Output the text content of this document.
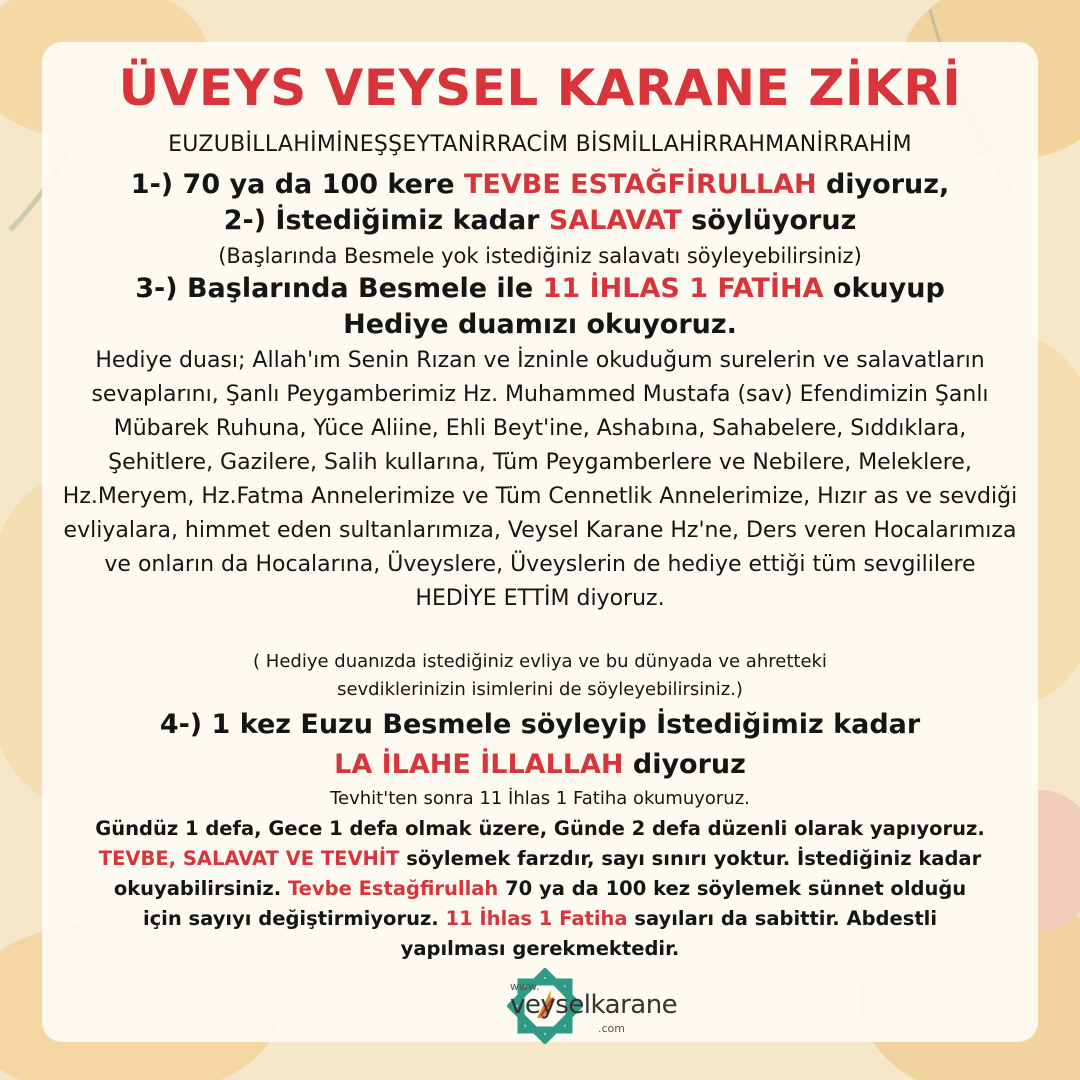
ÜVEYS VEYSEL KARANE ZİKRİ
EUZUBİLLAHİMİNEŞŞEYTANİRRACİM BİSMİLLAHİRRAHMANİRRAHİM
1-) 70 ya da 100 kere TEVBE ESTAĞFİRULLAH diyoruz,
2-) İstediğimiz kadar SALAVAT söylüyoruz
(Başlarında Besmele yok istediğiniz salavatı söyleyebilirsiniz)
3-) Başlarında Besmele ile 11 İHLAS 1 FATİHA okuyup
Hediye duamızı okuyoruz.

Hediye duası; Allah'ım Senin Rızan ve İzninle okuduğum surelerin ve salavatların sevaplarını, Şanlı Peygamberimiz Hz. Muhammed Mustafa (sav) Efendimizin Şanlı Mübarek Ruhuna, Yüce Aliine, Ehli Beyt'ine, Ashabına, Sahabelere, Sıddıklara, Şehitlere, Gazilere, Salih kullarına, Tüm Peygamberlere ve Nebilere, Meleklere, Hz.Meryem, Hz.Fatma Annelerimize ve Tüm Cennetlik Annelerimize, Hızır as ve sevdiği evliyalara, himmet eden sultanlarımıza, Veysel Karane Hz'ne, Ders veren Hocalarımıza ve onların da Hocalarına, Üveyslere, Üveyslerin de hediye ettiği tüm sevgililere
HEDİYE ETTİM diyoruz.

( Hediye duanızda istediğiniz evliya ve bu dünyada ve ahretteki sevdiklerinizin isimlerini de söyleyebilirsiniz.)

4-) 1 kez Euzu Besmele söyleyip İstediğimiz kadar
LA İLAHE İLLALLAH diyoruz
Tevhit'ten sonra 11 İhlas 1 Fatiha okumuyoruz.

Gündüz 1 defa, Gece 1 defa olmak üzere, Günde 2 defa düzenli olarak yapıyoruz. TEVBE, SALAVAT VE TEVHİT söylemek farzdır, sayı sınırı yoktur. İstediğiniz kadar okuyabilirsiniz. Tevbe Estağfirullah 70 ya da 100 kez söylemek sünnet olduğu için sayıyı değiştirmiyoruz. 11 İhlas 1 Fatiha sayıları da sabittir. Abdestli yapılması gerekmektedir.

www.
veyselkarane
.com
